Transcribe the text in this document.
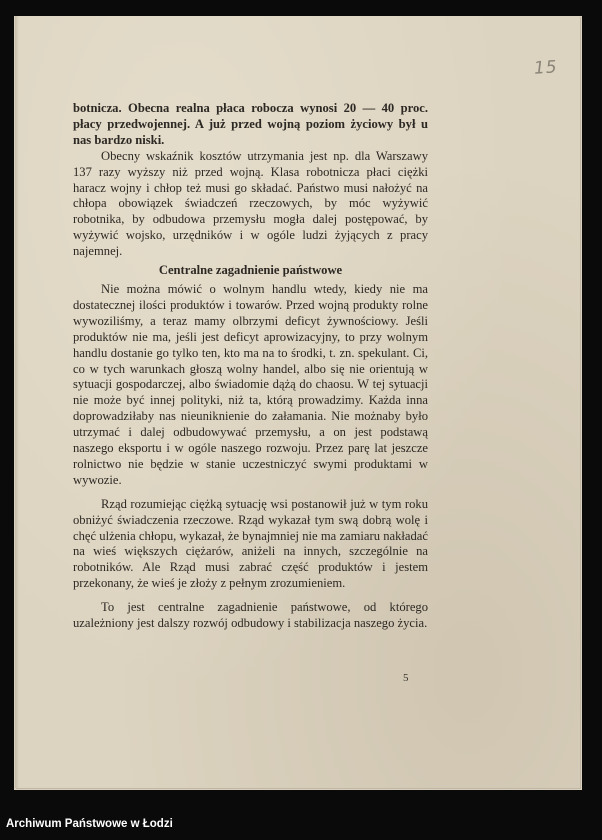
15

botnicza. Obecna realna płaca robocza wynosi 20 — 40 proc. płacy przedwojennej. A już przed wojną poziom życiowy był u nas bardzo niski.

Obecny wskaźnik kosztów utrzymania jest np. dla Warszawy 137 razy wyższy niż przed wojną. Klasa robotnicza płaci ciężki haracz wojny i chłop też musi go składać. Państwo musi nałożyć na chłopa obowiązek świadczeń rzeczowych, by móc wyżywić robotnika, by odbudowa przemysłu mogła dalej postępować, by wyżywić wojsko, urzędników i w ogóle ludzi żyjących z pracy najemnej.

Centralne zagadnienie państwowe

Nie można mówić o wolnym handlu wtedy, kiedy nie ma dostatecznej ilości produktów i towarów. Przed wojną produkty rolne wywoziliśmy, a teraz mamy olbrzymi deficyt żywnościowy. Jeśli produktów nie ma, jeśli jest deficyt aprowizacyjny, to przy wolnym handlu dostanie go tylko ten, kto ma na to środki, t. zn. spekulant. Ci, co w tych warunkach głoszą wolny handel, albo się nie orientują w sytuacji gospodarczej, albo świadomie dążą do chaosu. W tej sytuacji nie może być innej polityki, niż ta, którą prowadzimy. Każda inna doprowadziłaby nas nieuniknienie do załamania. Nie możnaby było utrzymać i dalej odbudowywać przemysłu, a on jest podstawą naszego eksportu i w ogóle naszego rozwoju. Przez parę lat jeszcze rolnictwo nie będzie w stanie uczestniczyć swymi produktami w wywozie.

Rząd rozumiejąc ciężką sytuację wsi postanowił już w tym roku obniżyć świadczenia rzeczowe. Rząd wykazał tym swą dobrą wolę i chęć ulżenia chłopu, wykazał, że bynajmniej nie ma zamiaru nakładać na wieś większych ciężarów, aniżeli na innych, szczególnie na robotników. Ale Rząd musi zabrać część produktów i jestem przekonany, że wieś je złoży z pełnym zrozumieniem.

To jest centralne zagadnienie państwowe, od którego uzależniony jest dalszy rozwój odbudowy i stabilizacja naszego życia.

5
Archiwum Państwowe w Łodzi
